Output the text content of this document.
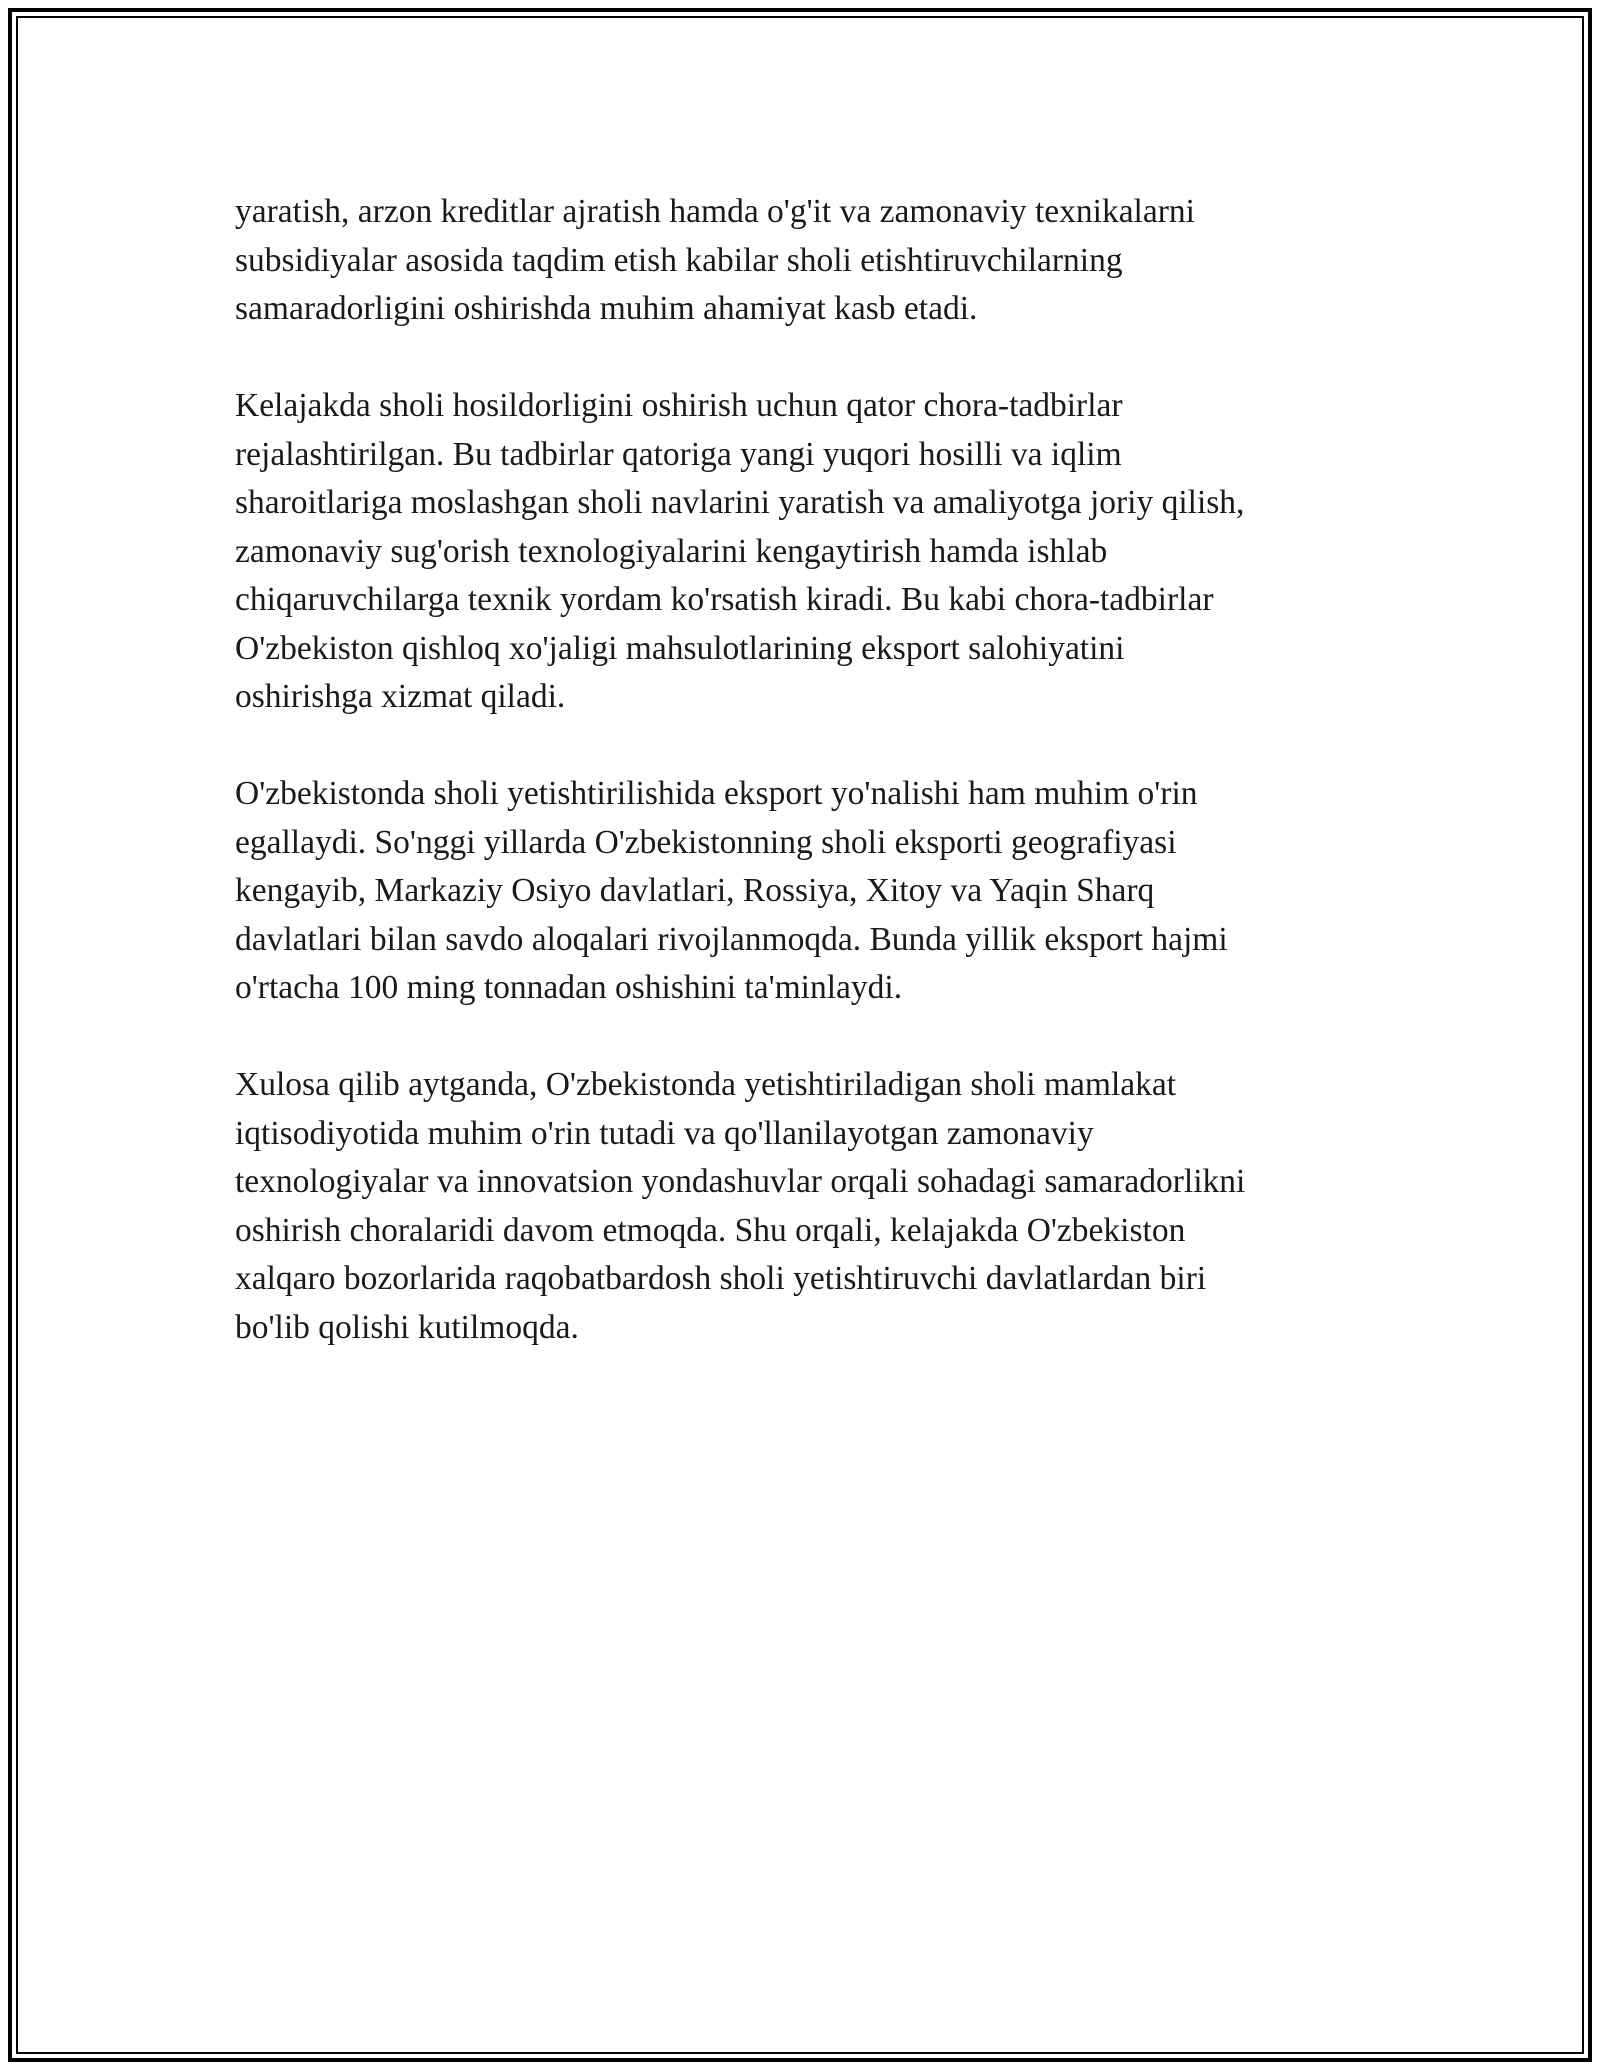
yaratish, arzon kreditlar ajratish hamda o'g'it va zamonaviy texnikalarni
subsidiyalar asosida taqdim etish kabilar sholi etishtiruvchilarning
samaradorligini oshirishda muhim ahamiyat kasb etadi.

Kelajakda sholi hosildorligini oshirish uchun qator chora-tadbirlar
rejalashtirilgan. Bu tadbirlar qatoriga yangi yuqori hosilli va iqlim
sharoitlariga moslashgan sholi navlarini yaratish va amaliyotga joriy qilish,
zamonaviy sug'orish texnologiyalarini kengaytirish hamda ishlab
chiqaruvchilarga texnik yordam ko'rsatish kiradi. Bu kabi chora-tadbirlar
O'zbekiston qishloq xo'jaligi mahsulotlarining eksport salohiyatini
oshirishga xizmat qiladi.

O'zbekistonda sholi yetishtirilishida eksport yo'nalishi ham muhim o'rin
egallaydi. So'nggi yillarda O'zbekistonning sholi eksporti geografiyasi
kengayib, Markaziy Osiyo davlatlari, Rossiya, Xitoy va Yaqin Sharq
davlatlari bilan savdo aloqalari rivojlanmoqda. Bunda yillik eksport hajmi
o'rtacha 100 ming tonnadan oshishini ta'minlaydi.

Xulosa qilib aytganda, O'zbekistonda yetishtiriladigan sholi mamlakat
iqtisodiyotida muhim o'rin tutadi va qo'llanilayotgan zamonaviy
texnologiyalar va innovatsion yondashuvlar orqali sohadagi samaradorlikni
oshirish choralaridi davom etmoqda. Shu orqali, kelajakda O'zbekiston
xalqaro bozorlarida raqobatbardosh sholi yetishtiruvchi davlatlardan biri
bo'lib qolishi kutilmoqda.
